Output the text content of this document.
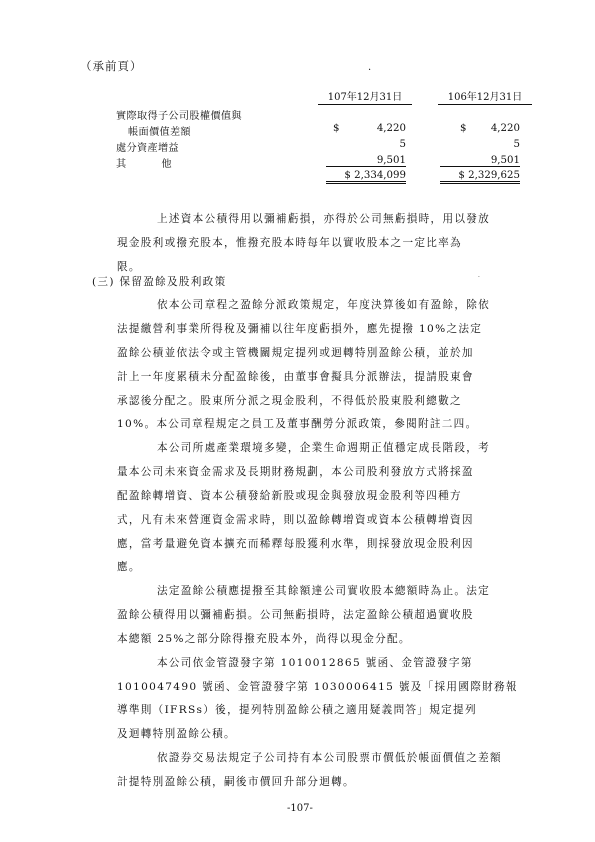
（承前頁）	.
107年12月31日	106年12月31日
實際取得子公司股權價值與
帳面價值差額	$	4,220	$	4,220
處分資產增益	5	5
其 他	9,501	9,501
$ 2,334,099	$ 2,329,625
上述資本公積得用以彌補虧損，亦得於公司無虧損時，用以發放
現金股利或撥充股本，惟撥充股本時每年以實收股本之一定比率為
限。
-
(三) 保留盈餘及股利政策
依本公司章程之盈餘分派政策規定，年度決算後如有盈餘，除依
法提繳營利事業所得稅及彌補以往年度虧損外，應先提撥 10%之法定
盈餘公積並依法令或主管機關規定提列或迴轉特別盈餘公積，並於加
計上一年度累積未分配盈餘後，由董事會擬具分派辦法，提請股東會
承認後分配之。股東所分派之現金股利，不得低於股東股利總數之
10%。本公司章程規定之員工及董事酬勞分派政策，參閱附註二四。
本公司所處產業環境多變，企業生命週期正值穩定成長階段，考
量本公司未來資金需求及長期財務規劃，本公司股利發放方式將採盈
配盈餘轉增資、資本公積發給新股或現金與發放現金股利等四種方
式，凡有未來營運資金需求時，則以盈餘轉增資或資本公積轉增資因
應，當考量避免資本擴充而稀釋每股獲利水準，則採發放現金股利因
應。
法定盈餘公積應提撥至其餘額達公司實收股本總額時為止。法定
盈餘公積得用以彌補虧損。公司無虧損時，法定盈餘公積超過實收股
本總額 25%之部分除得撥充股本外，尚得以現金分配。
本公司依金管證發字第 1010012865 號函、金管證發字第
1010047490 號函、金管證發字第 1030006415 號及「採用國際財務報
導準則（IFRSs）後，提列特別盈餘公積之適用疑義問答」規定提列
及迴轉特別盈餘公積。
依證券交易法規定子公司持有本公司股票市價低於帳面價值之差額
計提特別盈餘公積，嗣後市價回升部分迴轉。
-107-
